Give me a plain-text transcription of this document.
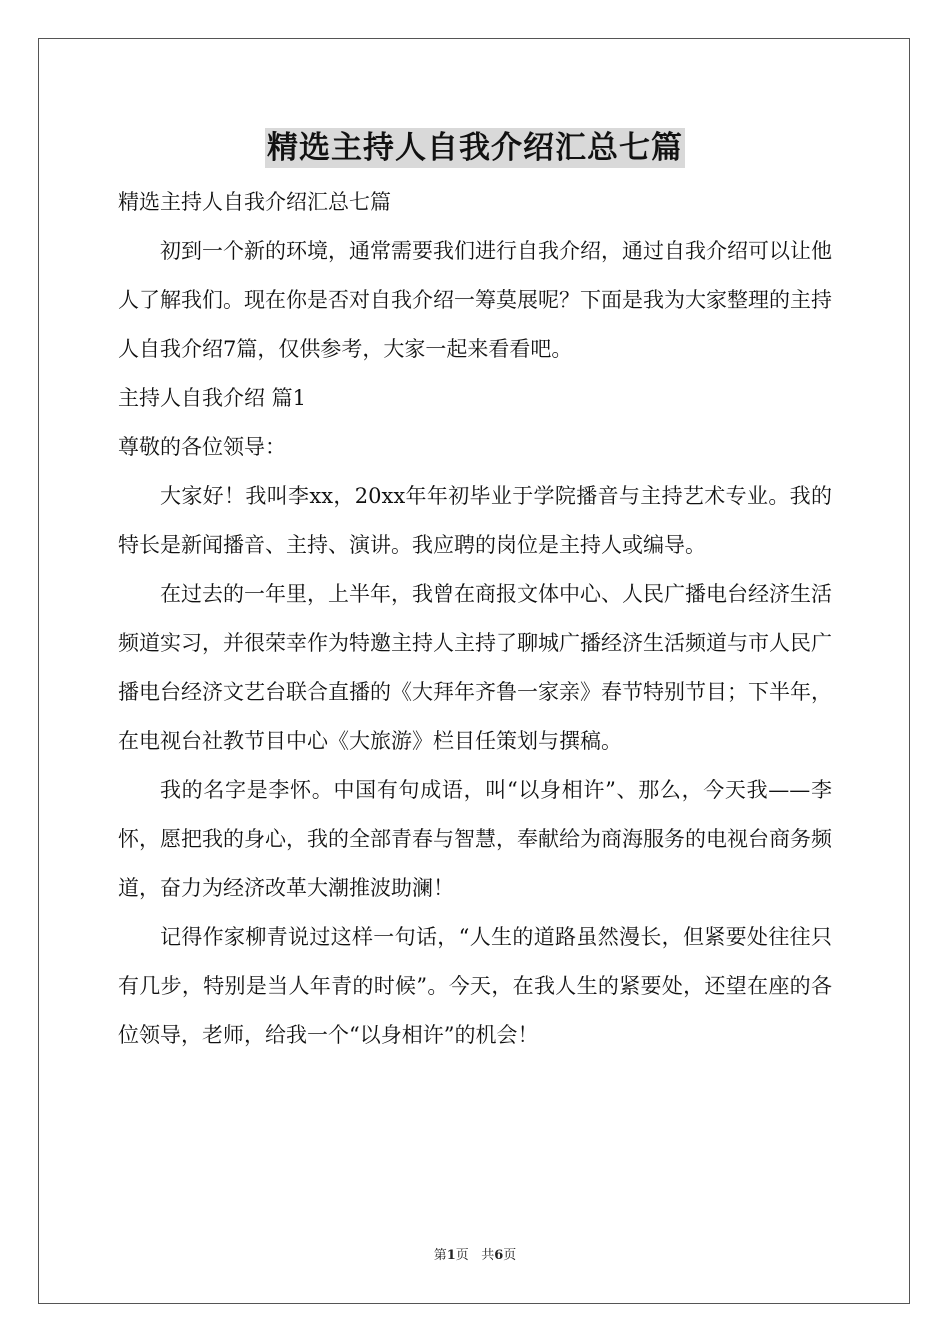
精选主持人自我介绍汇总七篇

精选主持人自我介绍汇总七篇

初到一个新的环境，通常需要我们进行自我介绍，通过自我介绍可以让他人了解我们。现在你是否对自我介绍一筹莫展呢？下面是我为大家整理的主持人自我介绍7篇，仅供参考，大家一起来看看吧。

主持人自我介绍 篇1

尊敬的各位领导：

大家好！我叫李xx，20xx年年初毕业于学院播音与主持艺术专业。我的特长是新闻播音、主持、演讲。我应聘的岗位是主持人或编导。

在过去的一年里，上半年，我曾在商报文体中心、人民广播电台经济生活频道实习，并很荣幸作为特邀主持人主持了聊城广播经济生活频道与市人民广播电台经济文艺台联合直播的《大拜年齐鲁一家亲》春节特别节目；下半年，在电视台社教节目中心《大旅游》栏目任策划与撰稿。

我的名字是李怀。中国有句成语，叫“以身相许”、那么，今天我——李怀，愿把我的身心，我的全部青春与智慧，奉献给为商海服务的电视台商务频道，奋力为经济改革大潮推波助澜！

记得作家柳青说过这样一句话，“人生的道路虽然漫长，但紧要处往往只有几步，特别是当人年青的时候”。今天，在我人生的紧要处，还望在座的各位领导，老师，给我一个“以身相许”的机会！

第1页 共6页
